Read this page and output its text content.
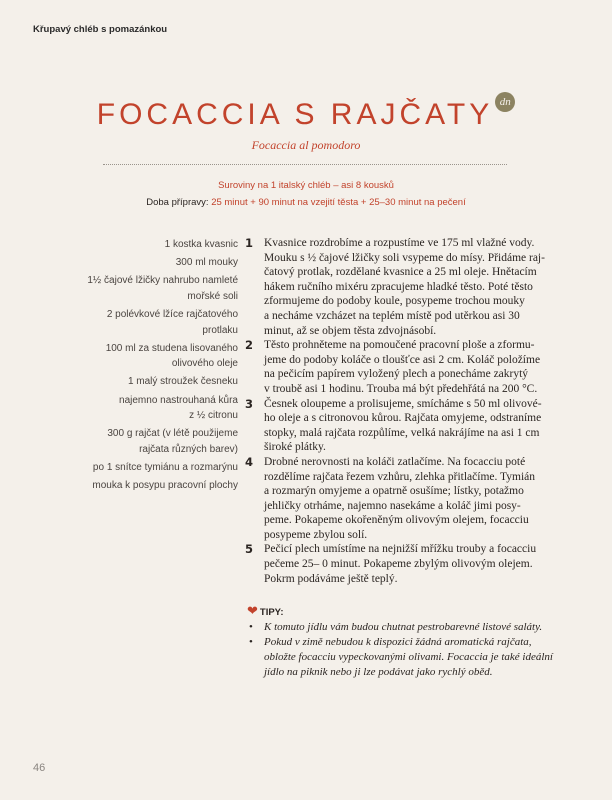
Křupavý chléb s pomazánkou
FOCACCIA S RAJČATY dn
Focaccia al pomodoro
Suroviny na 1 italský chléb – asi 8 kousků
Doba přípravy: 25 minut + 90 minut na vzejití těsta + 25–30 minut na pečení
1 kostka kvasnic
300 ml mouky
1½ čajové lžičky nahrubo namleté
mořské soli
2 polévkové lžíce rajčatového
protlaku
100 ml za studena lisovaného
olivového oleje
1 malý stroužek česneku
najemno nastrouhaná kůra
z ½ citronu
300 g rajčat (v létě použijeme
rajčata různých barev)
po 1 snítce tymiánu a rozmarýnu
mouka k posypu pracovní plochy
1 Kvasnice rozdrobíme a rozpustíme ve 175 ml vlažné vody.
Mouku s ½ čajové lžičky soli vsypeme do mísy. Přidáme raj-
čatový protlak, rozdělané kvasnice a 25 ml oleje. Hnětacím
hákem ručního mixéru zpracujeme hladké těsto. Poté těsto
zformujeme do podoby koule, posypeme trochou mouky
a necháme vzcházet na teplém místě pod utěrkou asi 30
minut, až se objem těsta zdvojnásobí.
2 Těsto prohněteme na pomoučené pracovní ploše a zformu-
jeme do podoby koláče o tloušťce asi 2 cm. Koláč položíme
na pečicím papírem vyložený plech a ponecháme zakrytý
v troubě asi 1 hodinu. Trouba má být předehřátá na 200 °C.
3 Česnek oloupeme a prolisujeme, smícháme s 50 ml olivové-
ho oleje a s citronovou kůrou. Rajčata omyjeme, odstraníme
stopky, malá rajčata rozpůlíme, velká nakrájíme na asi 1 cm
široké plátky.
4 Drobné nerovnosti na koláči zatlačíme. Na focacciu poté
rozdělíme rajčata řezem vzhůru, zlehka přitlačíme. Tymián
a rozmarýn omyjeme a opatrně osušíme; lístky, potažmo
jehličky otrháme, najemno nasekáme a koláč jimi posy-
peme. Pokapeme okořeněným olivovým olejem, focacciu
posypeme zbylou solí.
5 Pečicí plech umístíme na nejnižší mřížku trouby a focacciu
pečeme 25– 0 minut. Pokapeme zbylým olivovým olejem.
Pokrm podáváme ještě teplý.
❤ TIPY:
• K tomuto jídlu vám budou chutnat pestrobarevné listové saláty.
• Pokud v zimě nebudou k dispozici žádná aromatická rajčata,
obložte focacciu vypeckovanými olivami. Focaccia je také ideální
jídlo na piknik nebo ji lze podávat jako rychlý oběd.
46
